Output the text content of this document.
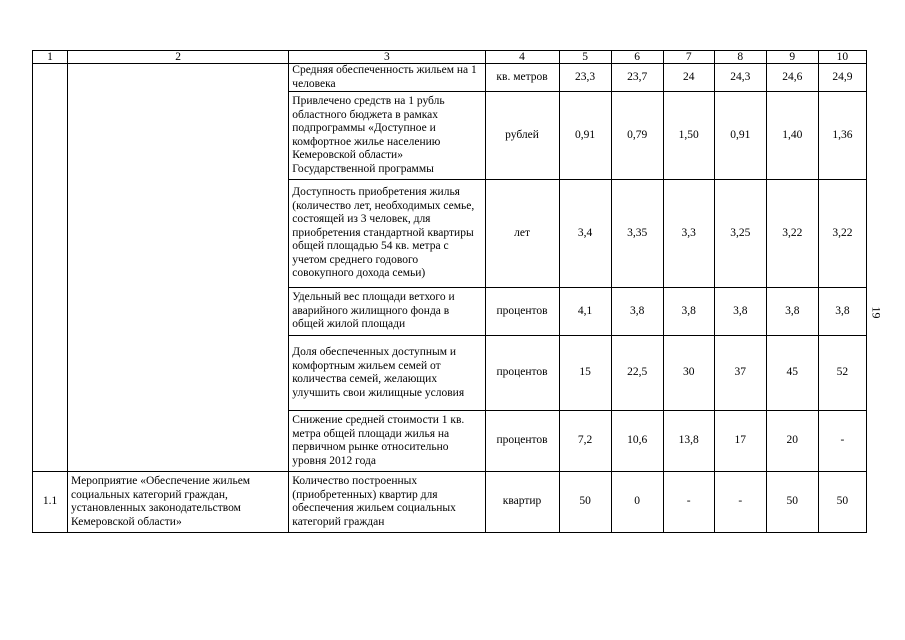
1	2	3	4	5	6	7	8	9	10
		Средняя обеспеченность жильем на 1 человека	кв. метров	23,3	23,7	24	24,3	24,6	24,9
		Привлечено средств на 1 рубль областного бюджета в рамках подпрограммы «Доступное и комфортное жилье населению Кемеровской области» Государственной программы	рублей	0,91	0,79	1,50	0,91	1,40	1,36
		Доступность приобретения жилья (количество лет, необходимых семье, состоящей из 3 человек, для приобретения стандартной квартиры общей площадью 54 кв. метра с учетом среднего годового совокупного дохода семьи)	лет	3,4	3,35	3,3	3,25	3,22	3,22
		Удельный вес площади ветхого и аварийного жилищного фонда в общей жилой площади	процентов	4,1	3,8	3,8	3,8	3,8	3,8
		Доля обеспеченных доступным и комфортным жильем семей от количества семей, желающих улучшить свои жилищные условия	процентов	15	22,5	30	37	45	52
		Снижение средней стоимости 1 кв. метра общей площади жилья на первичном рынке относительно уровня 2012 года	процентов	7,2	10,6	13,8	17	20	-
1.1	Мероприятие «Обеспечение жильем социальных категорий граждан, установленных законодательством Кемеровской области»	Количество построенных (приобретенных) квартир для обеспечения жильем социальных категорий граждан	квартир	50	0	-	-	50	50
19
